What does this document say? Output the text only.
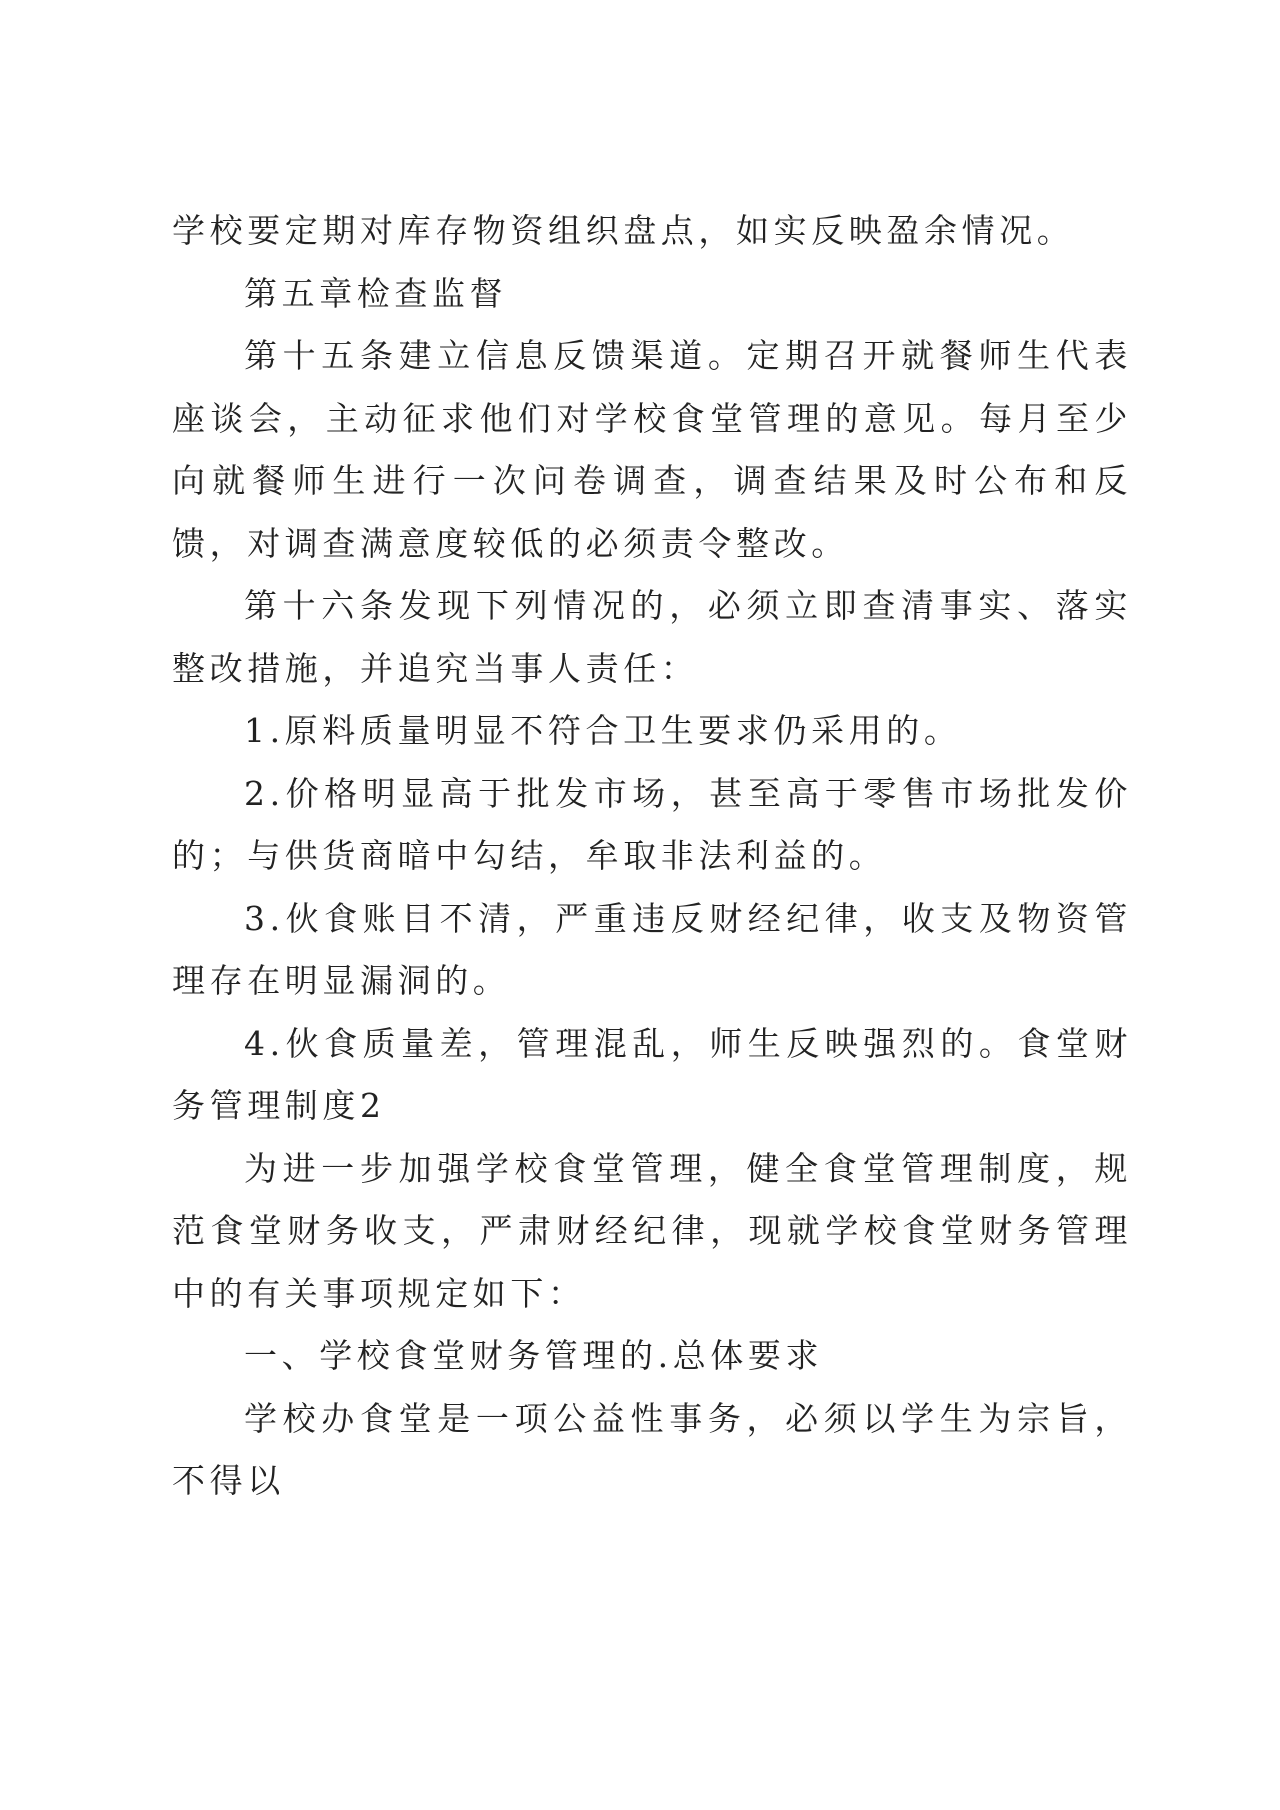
学校要定期对库存物资组织盘点，如实反映盈余情况。

第五章检查监督

第十五条建立信息反馈渠道。定期召开就餐师生代表座谈会，主动征求他们对学校食堂管理的意见。每月至少向就餐师生进行一次问卷调查，调查结果及时公布和反馈，对调查满意度较低的必须责令整改。

第十六条发现下列情况的，必须立即查清事实、落实整改措施，并追究当事人责任：

1.原料质量明显不符合卫生要求仍采用的。

2.价格明显高于批发市场，甚至高于零售市场批发价的；与供货商暗中勾结，牟取非法利益的。

3.伙食账目不清，严重违反财经纪律，收支及物资管理存在明显漏洞的。

4.伙食质量差，管理混乱，师生反映强烈的。食堂财务管理制度2

为进一步加强学校食堂管理，健全食堂管理制度，规范食堂财务收支，严肃财经纪律，现就学校食堂财务管理中的有关事项规定如下：

一、学校食堂财务管理的.总体要求

学校办食堂是一项公益性事务，必须以学生为宗旨，不得以
